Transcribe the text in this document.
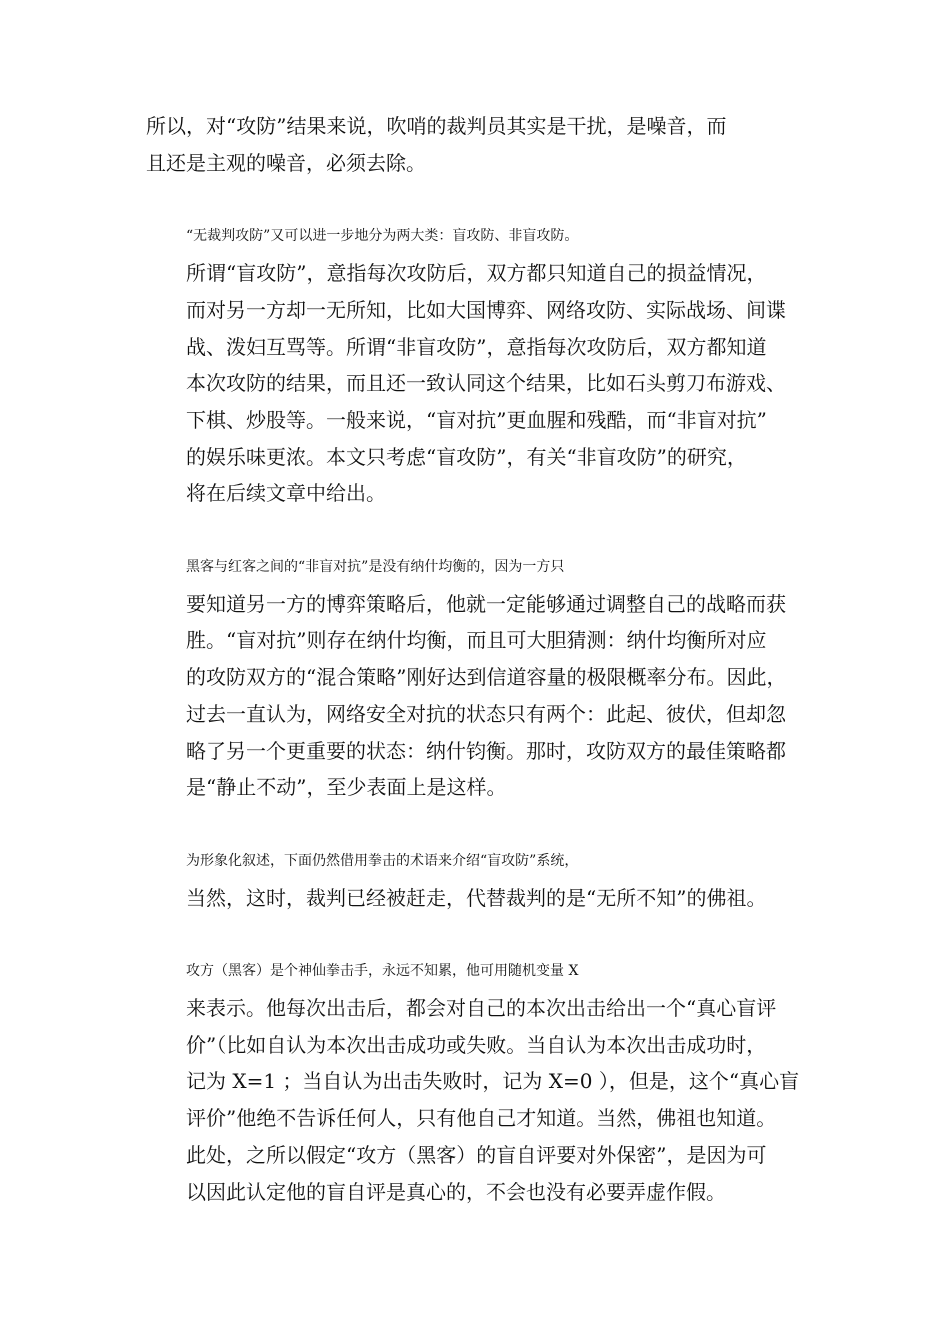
所以，对“攻防”结果来说，吹哨的裁判员其实是干扰，是噪音，而
且还是主观的噪音，必须去除。

“无裁判攻防”又可以进一步地分为两大类：盲攻防、非盲攻防。
所谓“盲攻防”，意指每次攻防后，双方都只知道自己的损益情况，
而对另一方却一无所知，比如大国博弈、网络攻防、实际战场、间谍
战、泼妇互骂等。所谓“非盲攻防”，意指每次攻防后，双方都知道
本次攻防的结果，而且还一致认同这个结果，比如石头剪刀布游戏、
下棋、炒股等。一般来说，“盲对抗”更血腥和残酷，而“非盲对抗”
的娱乐味更浓。本文只考虑“盲攻防”，有关“非盲攻防”的研究，
将在后续文章中给出。

黑客与红客之间的“非盲对抗”是没有纳什均衡的，因为一方只
要知道另一方的博弈策略后，他就一定能够通过调整自己的战略而获
胜。“盲对抗”则存在纳什均衡，而且可大胆猜测：纳什均衡所对应
的攻防双方的“混合策略”刚好达到信道容量的极限概率分布。因此，
过去一直认为，网络安全对抗的状态只有两个：此起、彼伏，但却忽
略了另一个更重要的状态：纳什钧衡。那时，攻防双方的最佳策略都
是“静止不动”，至少表面上是这样。

为形象化叙述，下面仍然借用拳击的术语来介绍“盲攻防”系统，
当然，这时，裁判已经被赶走，代替裁判的是“无所不知”的佛祖。

攻方（黑客）是个神仙拳击手，永远不知累，他可用随机变量 X
来表示。他每次出击后，都会对自己的本次出击给出一个“真心盲评
价”（比如自认为本次出击成功或失败。当自认为本次出击成功时，
记为 X=1 ；当自认为出击失败时，记为 X=0 ），但是，这个“真心盲
评价”他绝不告诉任何人，只有他自己才知道。当然，佛祖也知道。
此处，之所以假定“攻方（黑客）的盲自评要对外保密”，是因为可
以因此认定他的盲自评是真心的，不会也没有必要弄虚作假。
